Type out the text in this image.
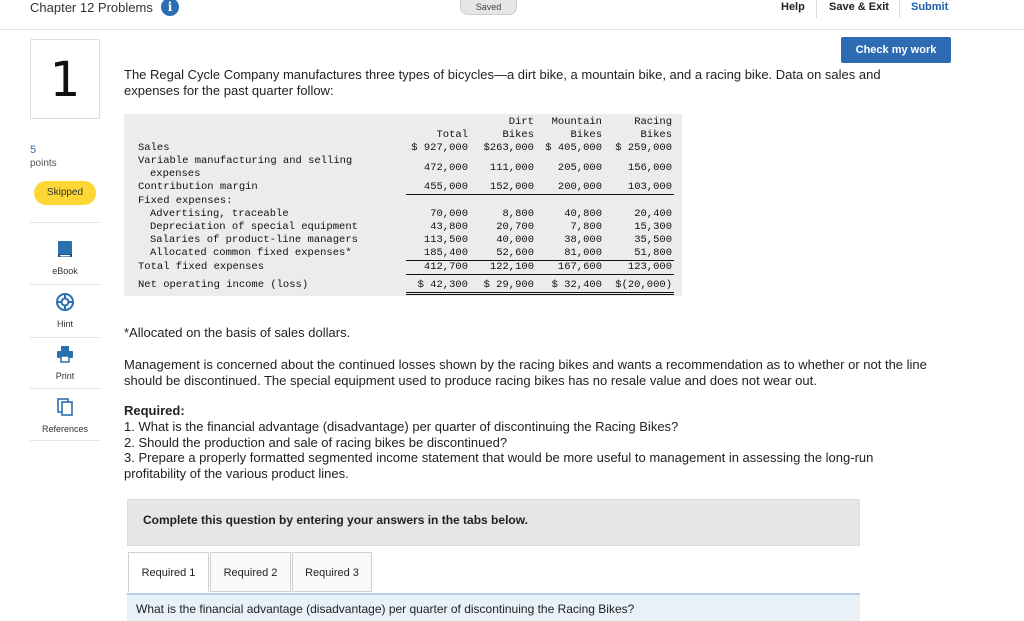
Chapter 12 Problems	i	Saved	Help Save & Exit Submit
Check my work
1
5
points
Skipped
eBook
Hint
Print
References
The Regal Cycle Company manufactures three types of bicycles—a dirt bike, a mountain bike, and a racing bike. Data on sales and expenses for the past quarter follow:
		Dirt	Mountain	Racing
	Total	Bikes	Bikes	Bikes
Sales	$ 927,000	$263,000	$ 405,000	$ 259,000
Variable manufacturing and selling	472,000	111,000	205,000	156,000
expenses				
Contribution margin	455,000	152,000	200,000	103,000
Fixed expenses:				
Advertising, traceable	70,000	8,800	40,800	20,400
Depreciation of special equipment	43,800	20,700	7,800	15,300
Salaries of product-line managers	113,500	40,000	38,000	35,500
Allocated common fixed expenses*	185,400	52,600	81,000	51,800
Total fixed expenses	412,700	122,100	167,600	123,000
Net operating income (loss)	$ 42,300	$ 29,900	$ 32,400	$(20,000)
*Allocated on the basis of sales dollars.
Management is concerned about the continued losses shown by the racing bikes and wants a recommendation as to whether or not the line should be discontinued. The special equipment used to produce racing bikes has no resale value and does not wear out.
Required:
1. What is the financial advantage (disadvantage) per quarter of discontinuing the Racing Bikes?
2. Should the production and sale of racing bikes be discontinued?
3. Prepare a properly formatted segmented income statement that would be more useful to management in assessing the long-run profitability of the various product lines.
Complete this question by entering your answers in the tabs below.
Required 1	Required 2	Required 3
What is the financial advantage (disadvantage) per quarter of discontinuing the Racing Bikes?
